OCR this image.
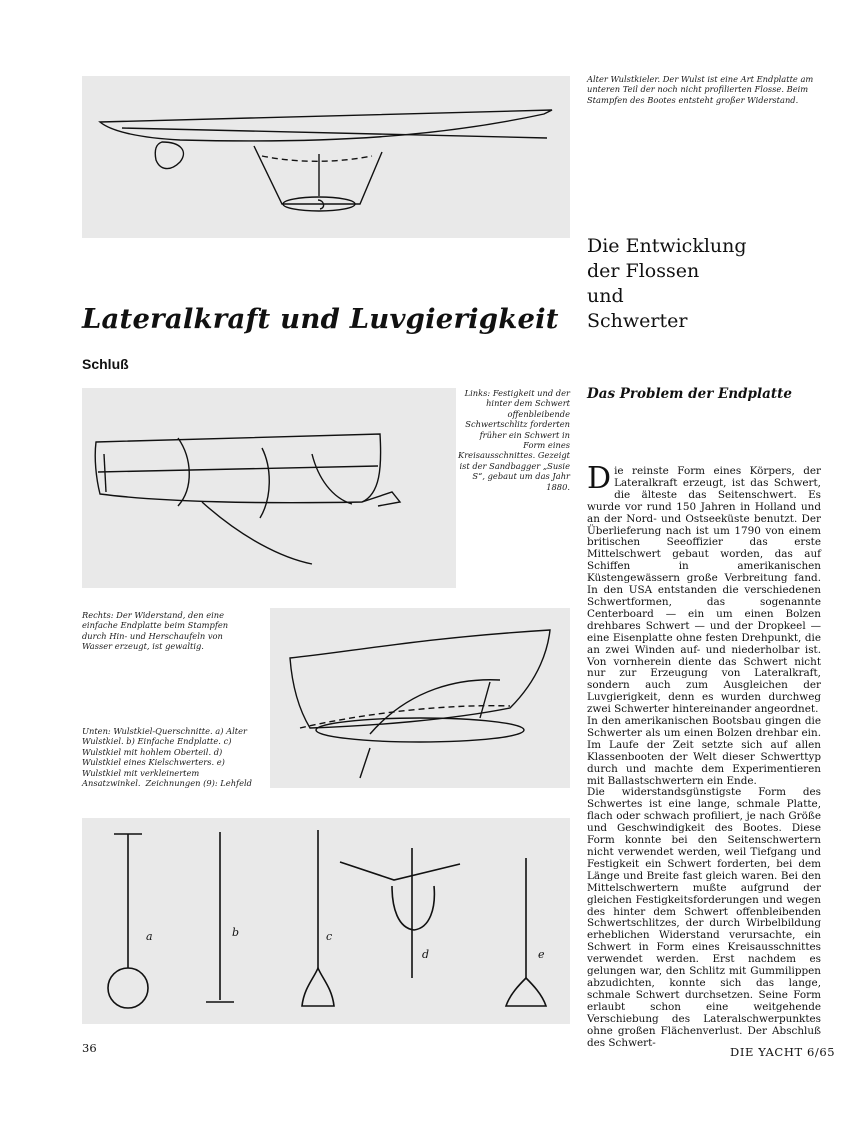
Alter Wulstkieler. Der Wulst ist eine Art Endplatte am unteren Teil der noch nicht profilierten Flosse. Beim Stampfen des Bootes entsteht großer Widerstand.
Die Entwicklung
der Flossen
und
Schwerter
Lateralkraft und Luvgierigkeit
Schluß
Links: Festigkeit und der hinter dem Schwert offenbleibende Schwertschlitz forderten früher ein Schwert in Form eines Kreisausschnittes. Gezeigt ist der Sandbagger „Susie S“, gebaut um das Jahr 1880.
Das Problem der Endplatte
Rechts: Der Widerstand, den eine einfache Endplatte beim Stampfen durch Hin- und Herschaufeln von Wasser erzeugt, ist gewaltig.
Unten: Wulstkiel-Querschnitte. a) Alter Wulstkiel. b) Einfache Endplatte. c) Wulstkiel mit hohlem Oberteil. d) Wulstkiel eines Kielschwerters. e) Wulstkiel mit verkleinertem Ansatzwinkel. Zeichnungen (9): Lehfeld
a	b	c
d	e

Die reinste Form eines Körpers, der Lateralkraft erzeugt, ist das Schwert, die älteste das Seitenschwert. Es wurde vor rund 150 Jahren in Holland und an der Nord- und Ostseeküste benutzt. Der Überlieferung nach ist um 1790 von einem britischen Seeoffizier das erste Mittelschwert gebaut worden, das auf Schiffen in amerikanischen Küstengewässern große Verbreitung fand. In den USA entstanden die verschiedenen Schwertformen, das sogenannte Centerboard — ein um einen Bolzen drehbares Schwert — und der Dropkeel — eine Eisenplatte ohne festen Drehpunkt, die an zwei Winden auf- und niederholbar ist. Von vornherein diente das Schwert nicht nur zur Erzeugung von Lateralkraft, sondern auch zum Ausgleichen der Luvgierigkeit, denn es wurden durchweg zwei Schwerter hintereinander angeordnet.

In den amerikanischen Bootsbau gingen die Schwerter als um einen Bolzen drehbar ein. Im Laufe der Zeit setzte sich auf allen Klassenbooten der Welt dieser Schwerttyp durch und machte dem Experimentieren mit Ballastschwertern ein Ende.

Die widerstandsgünstigste Form des Schwertes ist eine lange, schmale Platte, flach oder schwach profiliert, je nach Größe und Geschwindigkeit des Bootes. Diese Form konnte bei den Seitenschwertern nicht verwendet werden, weil Tiefgang und Festigkeit ein Schwert forderten, bei dem Länge und Breite fast gleich waren. Bei den Mittelschwertern mußte aufgrund der gleichen Festigkeitsforderungen und wegen des hinter dem Schwert offenbleibenden Schwertschlitzes, der durch Wirbelbildung erheblichen Widerstand verursachte, ein Schwert in Form eines Kreisausschnittes verwendet werden. Erst nachdem es gelungen war, den Schlitz mit Gummilippen abzudichten, konnte sich das lange, schmale Schwert durchsetzen. Seine Form erlaubt schon eine weitgehende Verschiebung des Lateralschwerpunktes ohne großen Flächenverlust. Der Abschluß des Schwert-

36	DIE YACHT 6/65
